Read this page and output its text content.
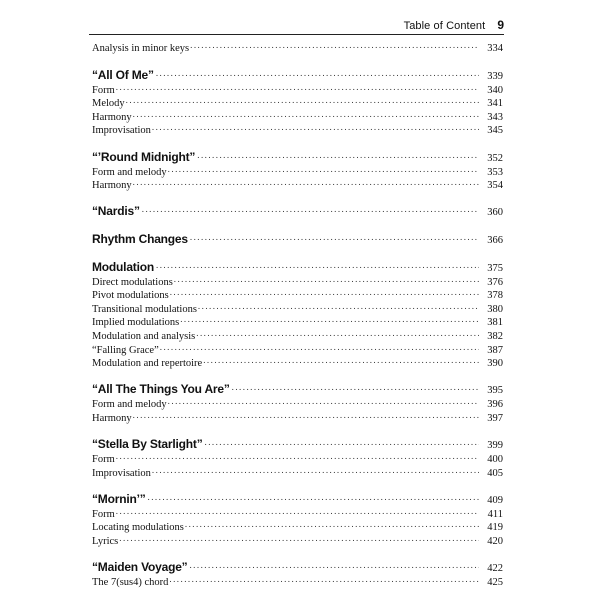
Table of Content 9
Analysis in minor keys . . .	334
“All Of Me” . . .	339
Form . . .	340
Melody . . .	341
Harmony . . .	343
Improvisation . . .	345
“’Round Midnight” . . .	352
Form and melody . . .	353
Harmony . . .	354
“Nardis” . . .	360
Rhythm Changes . . .	366
Modulation . . .	375
Direct modulations . . .	376
Pivot modulations . . .	378
Transitional modulations . . .	380
Implied modulations . . .	381
Modulation and analysis . . .	382
“Falling Grace” . . .	387
Modulation and repertoire . . .	390
“All The Things You Are” . . .	395
Form and melody . . .	396
Harmony . . .	397
“Stella By Starlight” . . .	399
Form . . .	400
Improvisation . . .	405
“Mornin’” . . .	409
Form . . .	411
Locating modulations . . .	419
Lyrics . . .	420
“Maiden Voyage” . . .	422
The 7(sus4) chord . . .	425
